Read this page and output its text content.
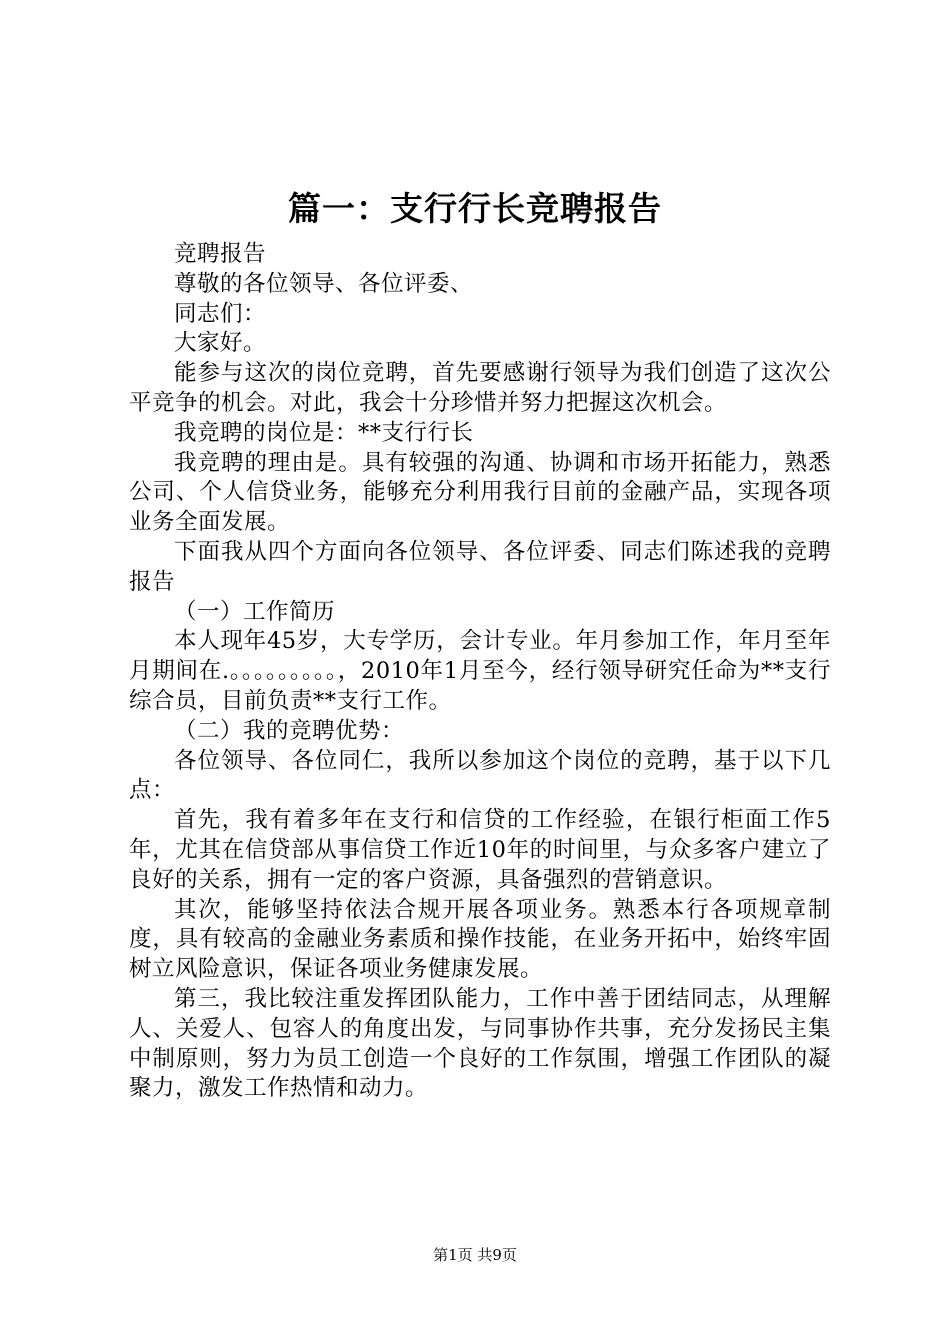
篇一：支行行长竞聘报告

竞聘报告

尊敬的各位领导、各位评委、

同志们：

大家好。

能参与这次的岗位竞聘，首先要感谢行领导为我们创造了这次公平竞争的机会。对此，我会十分珍惜并努力把握这次机会。

我竞聘的岗位是：**支行行长

我竞聘的理由是。具有较强的沟通、协调和市场开拓能力，熟悉公司、个人信贷业务，能够充分利用我行目前的金融产品，实现各项业务全面发展。

下面我从四个方面向各位领导、各位评委、同志们陈述我的竞聘报告

（一）工作简历

本人现年45岁，大专学历，会计专业。年月参加工作，年月至年月期间在.。。。。。。。。。，2010年1月至今，经行领导研究任命为**支行综合员，目前负责**支行工作。

（二）我的竞聘优势：

各位领导、各位同仁，我所以参加这个岗位的竞聘，基于以下几点：

首先，我有着多年在支行和信贷的工作经验，在银行柜面工作5年，尤其在信贷部从事信贷工作近10年的时间里，与众多客户建立了良好的关系，拥有一定的客户资源，具备强烈的营销意识。

其次，能够坚持依法合规开展各项业务。熟悉本行各项规章制度，具有较高的金融业务素质和操作技能，在业务开拓中，始终牢固树立风险意识，保证各项业务健康发展。

第三，我比较注重发挥团队能力，工作中善于团结同志，从理解人、关爱人、包容人的角度出发，与同事协作共事，充分发扬民主集中制原则，努力为员工创造一个良好的工作氛围，增强工作团队的凝聚力，激发工作热情和动力。

第1页 共9页
